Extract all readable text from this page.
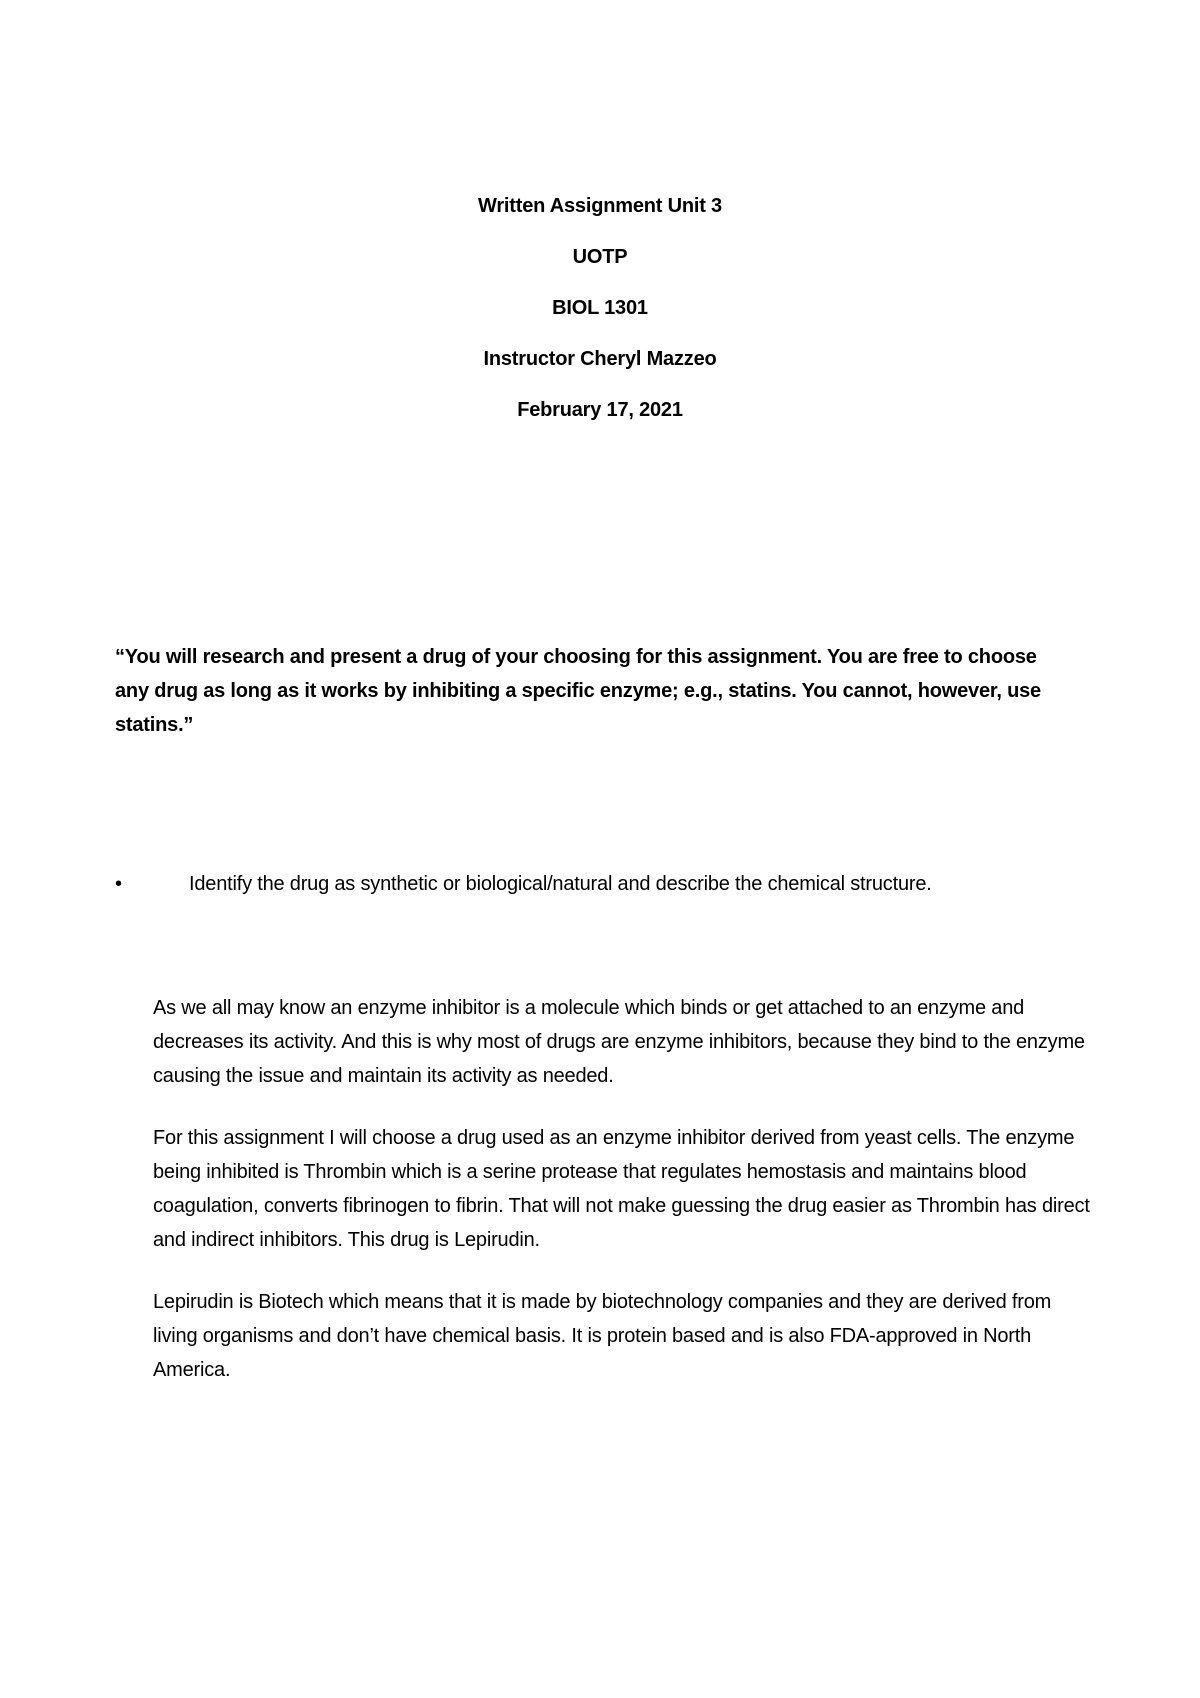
Written Assignment Unit 3
UOTP
BIOL 1301
Instructor Cheryl Mazzeo
February 17, 2021
“You will research and present a drug of your choosing for this assignment. You are free to choose any drug as long as it works by inhibiting a specific enzyme; e.g., statins. You cannot, however, use statins.”
•	Identify the drug as synthetic or biological/natural and describe the chemical structure.

As we all may know an enzyme inhibitor is a molecule which binds or get attached to an enzyme and decreases its activity. And this is why most of drugs are enzyme inhibitors, because they bind to the enzyme causing the issue and maintain its activity as needed.

For this assignment I will choose a drug used as an enzyme inhibitor derived from yeast cells. The enzyme being inhibited is Thrombin which is a serine protease that regulates hemostasis and maintains blood coagulation, converts fibrinogen to fibrin. That will not make guessing the drug easier as Thrombin has direct and indirect inhibitors. This drug is Lepirudin.

Lepirudin is Biotech which means that it is made by biotechnology companies and they are derived from living organisms and don’t have chemical basis. It is protein based and is also FDA-approved in North America.
